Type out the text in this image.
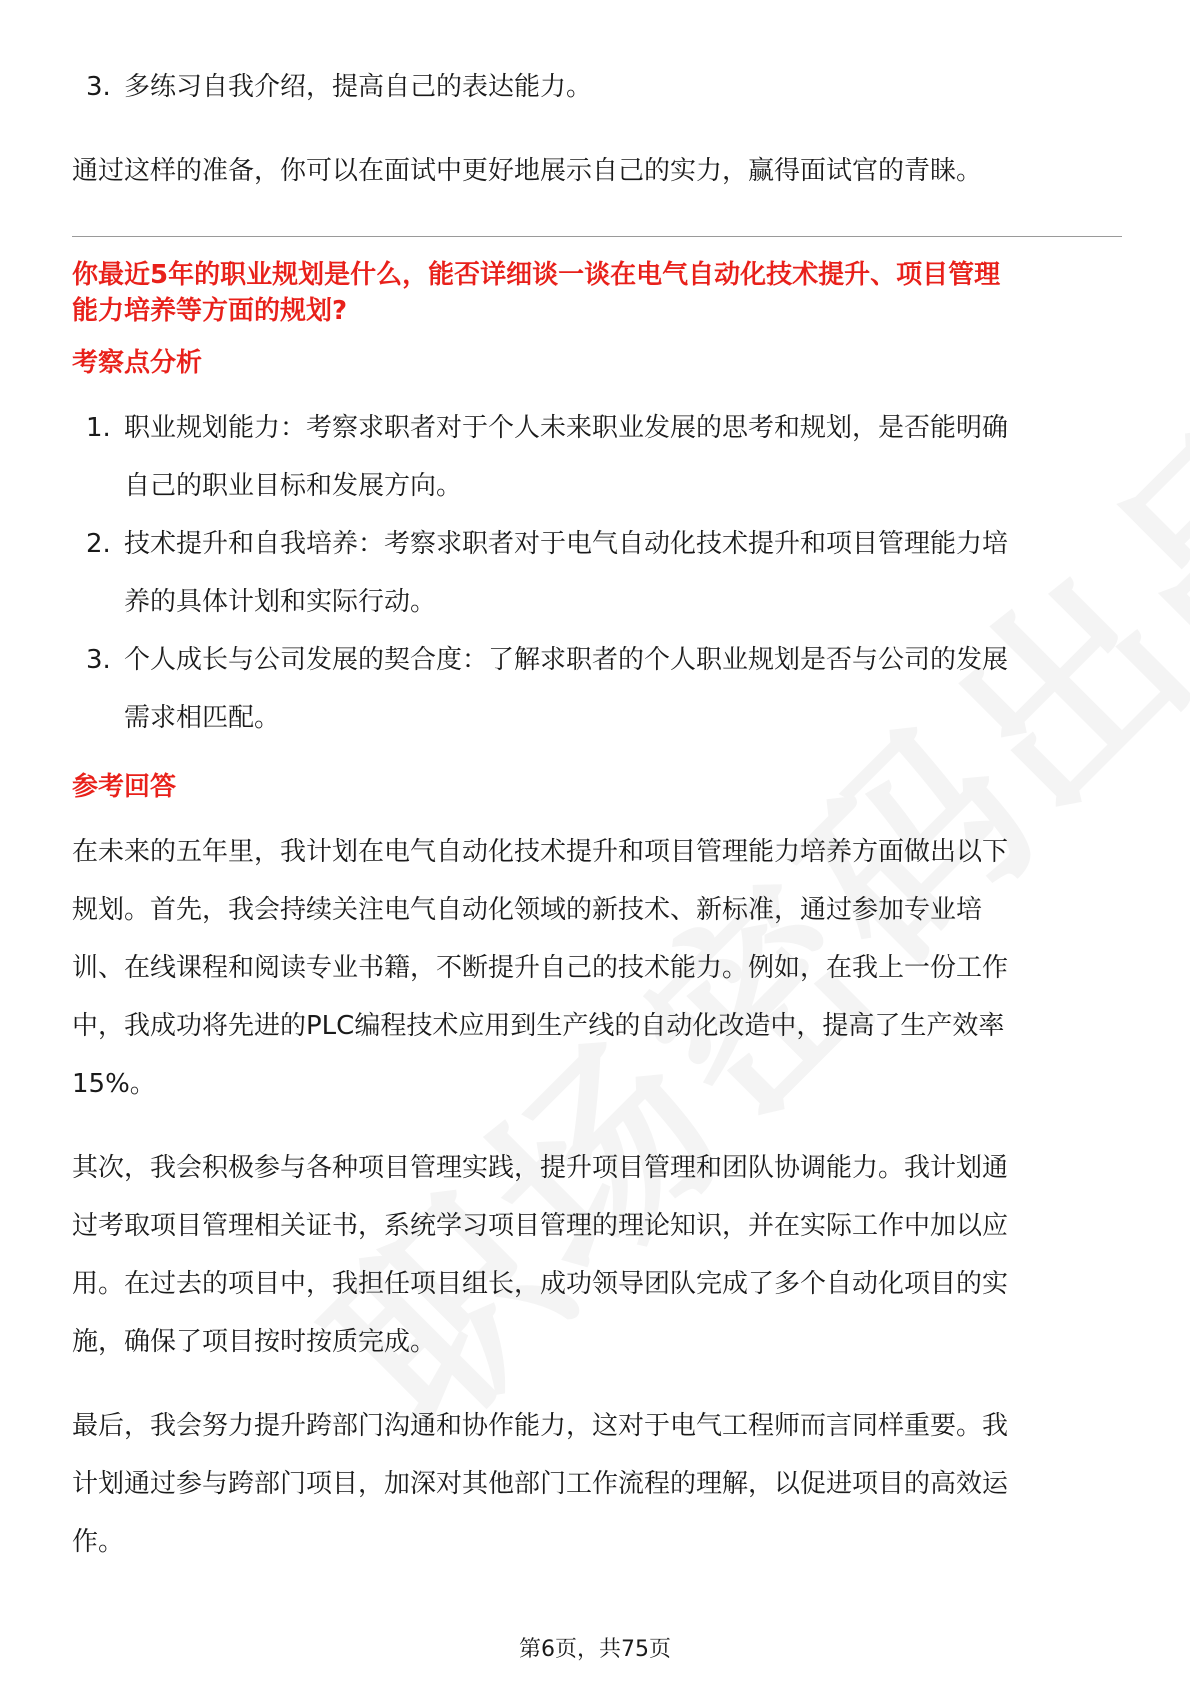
3. 多练习自我介绍，提高自己的表达能力。

通过这样的准备，你可以在面试中更好地展示自己的实力，赢得面试官的青睐。

你最近5年的职业规划是什么，能否详细谈一谈在电气自动化技术提升、项目管理
能力培养等方面的规划?
考察点分析
1. 职业规划能力：考察求职者对于个人未来职业发展的思考和规划，是否能明确
自己的职业目标和发展方向。
2. 技术提升和自我培养：考察求职者对于电气自动化技术提升和项目管理能力培
养的具体计划和实际行动。
3. 个人成长与公司发展的契合度：了解求职者的个人职业规划是否与公司的发展
需求相匹配。
参考回答

在未来的五年里，我计划在电气自动化技术提升和项目管理能力培养方面做出以下
规划。首先，我会持续关注电气自动化领域的新技术、新标准，通过参加专业培
训、在线课程和阅读专业书籍，不断提升自己的技术能力。例如，在我上一份工作
中，我成功将先进的PLC编程技术应用到生产线的自动化改造中，提高了生产效率
15%。

其次，我会积极参与各种项目管理实践，提升项目管理和团队协调能力。我计划通
过考取项目管理相关证书，系统学习项目管理的理论知识，并在实际工作中加以应
用。在过去的项目中，我担任项目组长，成功领导团队完成了多个自动化项目的实
施，确保了项目按时按质完成。

最后，我会努力提升跨部门沟通和协作能力，这对于电气工程师而言同样重要。我
计划通过参与跨部门项目，加深对其他部门工作流程的理解，以促进项目的高效运
作。

第6页，共75页
